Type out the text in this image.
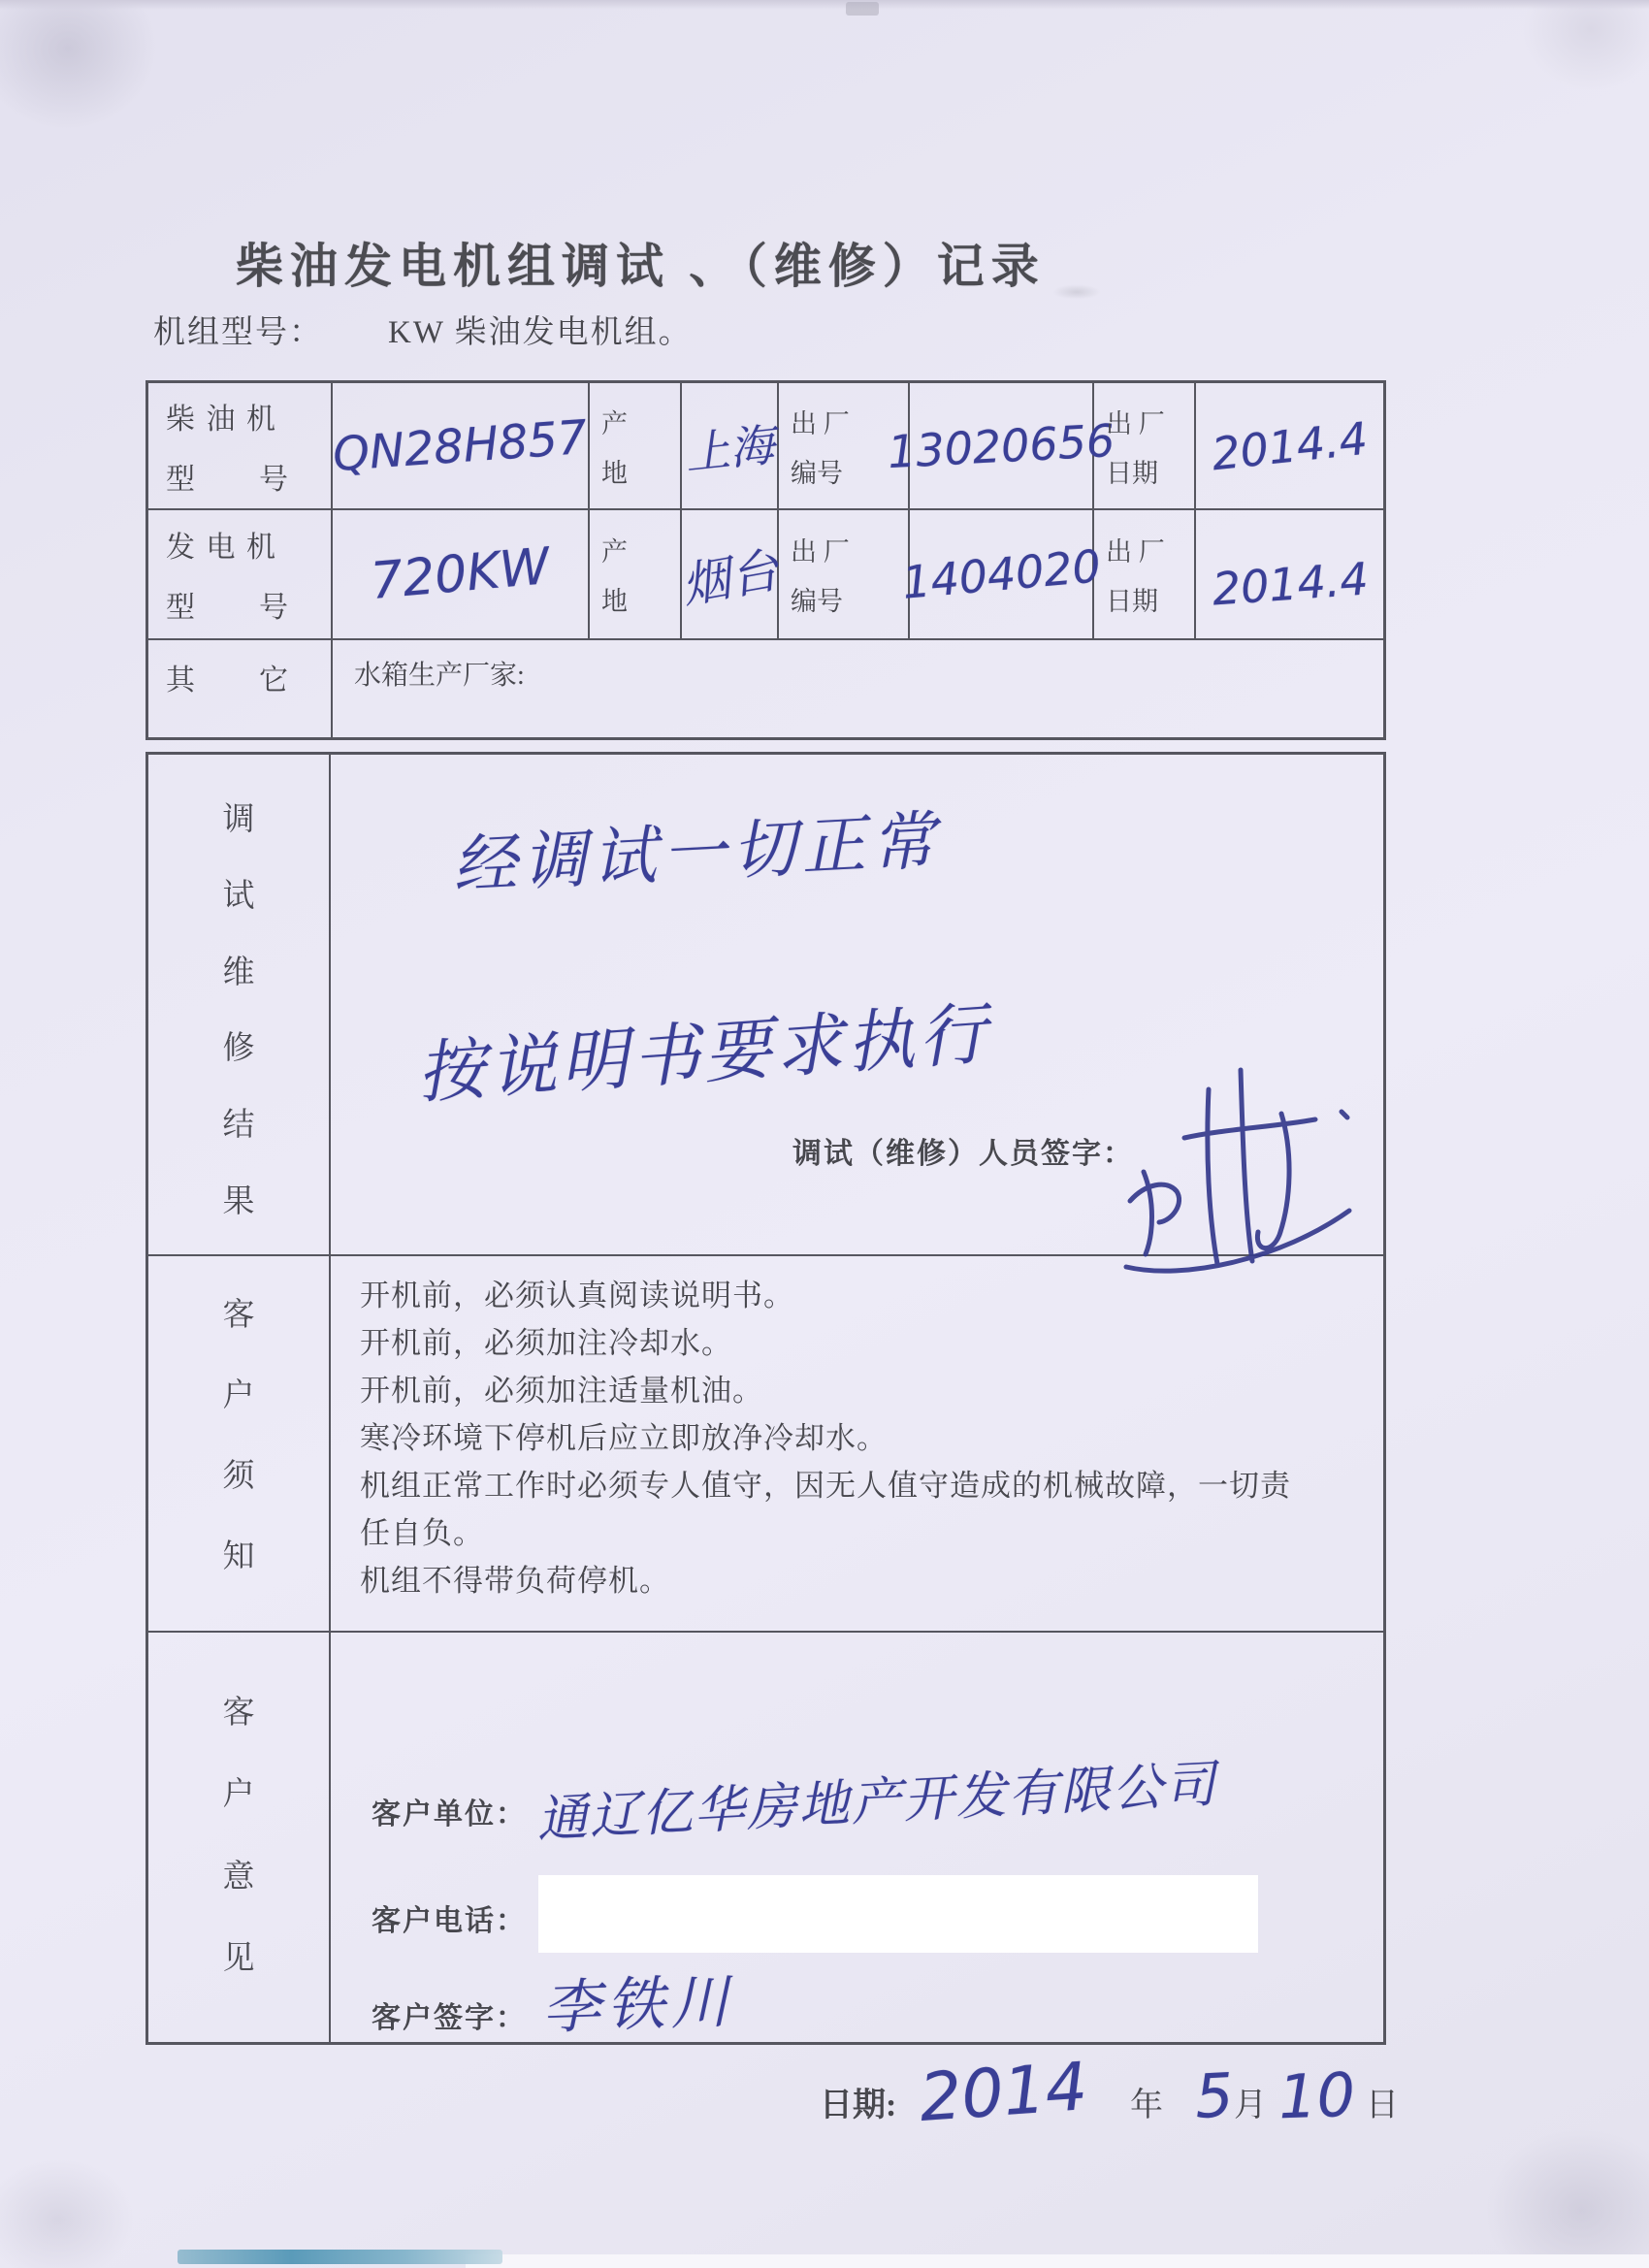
柴油发电机组调试 、（维修）记录
机组型号： KW 柴油发电机组。
柴 油 机
型　　号 QN28H857 产
地 上海 出 厂
编号 13020656
出 厂
日期 2014.4
发 电 机
型　　号	720KW 产
地 烟台 出 厂
编号 1404020 出 厂
日期 2014.4
其　　它	水箱生产厂家:
调
试
维
修
结
果
经调试一切正常
按说明书要求执行
调试（维修）人员签字：
客
户
须
知
开机前，必须认真阅读说明书。
开机前，必须加注冷却水。
开机前，必须加注适量机油。
寒冷环境下停机后应立即放净冷却水。
机组正常工作时必须专人值守，因无人值守造成的机械故障，一切责任自负。
机组不得带负荷停机。
客
户
意
见
客户单位： 通辽亿华房地产开发有限公司
客户电话：
客户签字： 李铁川
日期: 2014 年 5
月 10 日
